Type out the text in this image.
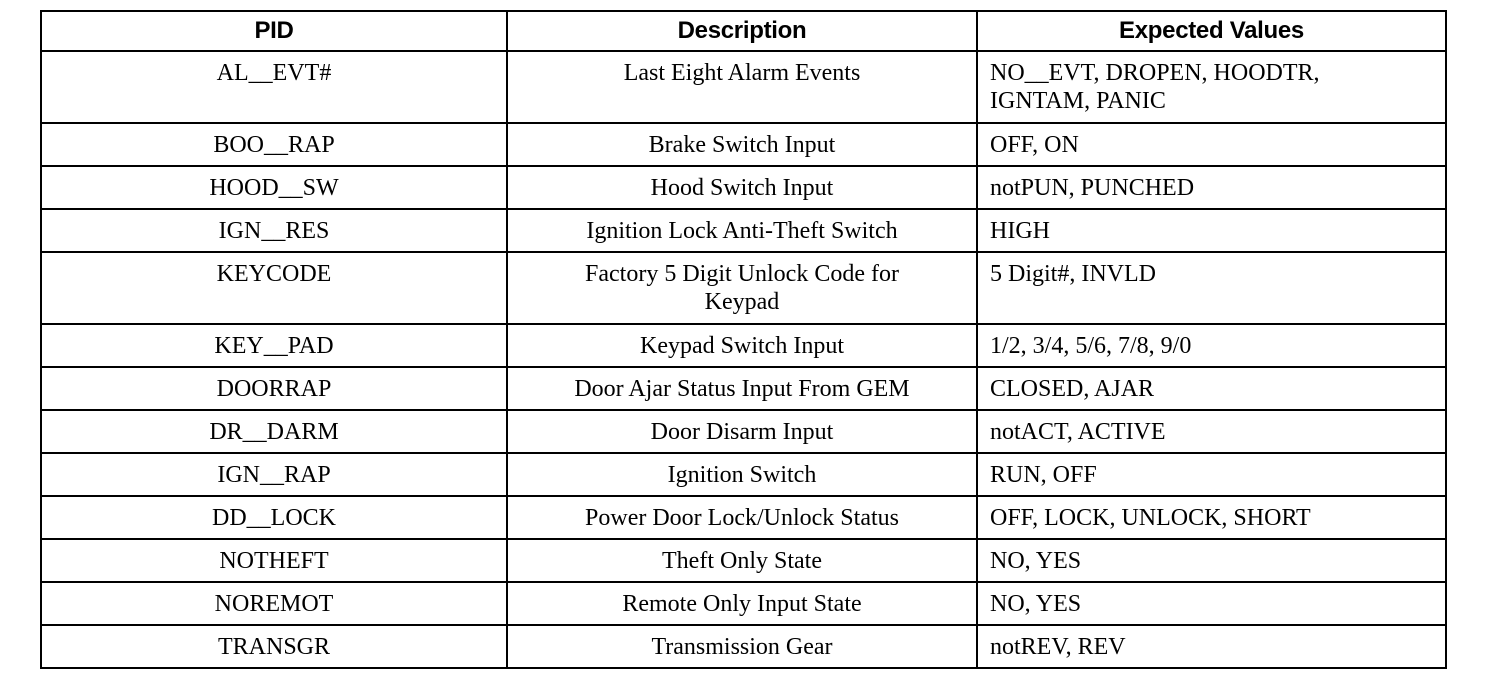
PID	Description	Expected Values
AL__EVT#	Last Eight Alarm Events	NO__EVT, DROPEN, HOODTR, IGNTAM, PANIC
BOO__RAP	Brake Switch Input	OFF, ON
HOOD__SW	Hood Switch Input	notPUN, PUNCHED
IGN__RES	Ignition Lock Anti-Theft Switch	HIGH
KEYCODE	Factory 5 Digit Unlock Code for Keypad	5 Digit#, INVLD
KEY__PAD	Keypad Switch Input	1/2, 3/4, 5/6, 7/8, 9/0
DOORRAP	Door Ajar Status Input From GEM	CLOSED, AJAR
DR__DARM	Door Disarm Input	notACT, ACTIVE
IGN__RAP	Ignition Switch	RUN, OFF
DD__LOCK	Power Door Lock/Unlock Status	OFF, LOCK, UNLOCK, SHORT
NOTHEFT	Theft Only State	NO, YES
NOREMOT	Remote Only Input State	NO, YES
TRANSGR	Transmission Gear	notREV, REV
